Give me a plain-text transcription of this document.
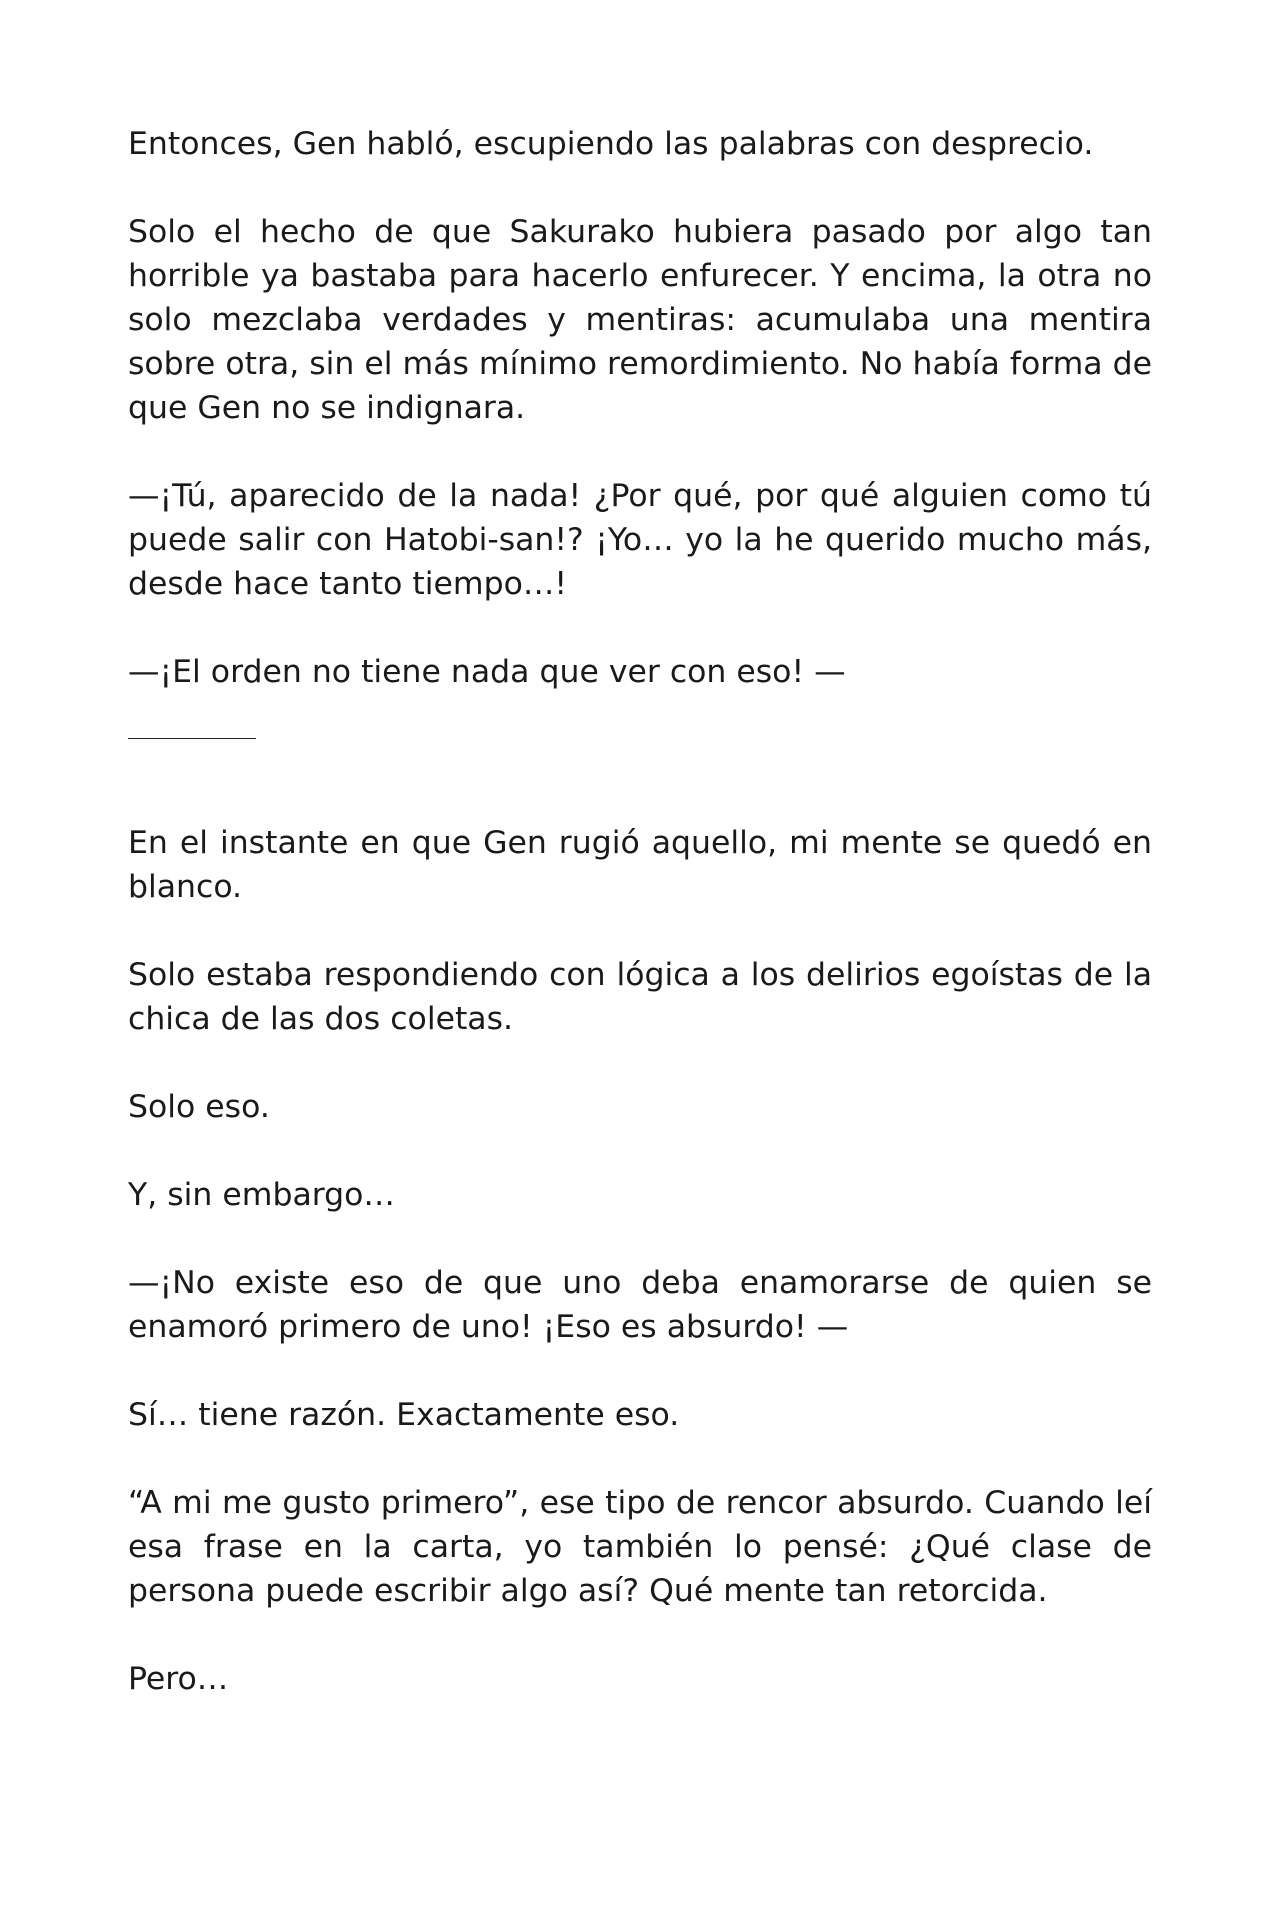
Entonces, Gen habló, escupiendo las palabras con desprecio.

Solo el hecho de que Sakurako hubiera pasado por algo tan horrible ya bastaba para hacerlo enfurecer. Y encima, la otra no solo mezclaba verdades y mentiras: acumulaba una mentira sobre otra, sin el más mínimo remordimiento. No había forma de que Gen no se indignara.

—¡Tú, aparecido de la nada! ¿Por qué, por qué alguien como tú puede salir con Hatobi-san!? ¡Yo… yo la he querido mucho más, desde hace tanto tiempo…!

—¡El orden no tiene nada que ver con eso! —

En el instante en que Gen rugió aquello, mi mente se quedó en blanco.

Solo estaba respondiendo con lógica a los delirios egoístas de la chica de las dos coletas.

Solo eso.

Y, sin embargo…

—¡No existe eso de que uno deba enamorarse de quien se enamoró primero de uno! ¡Eso es absurdo! —

Sí… tiene razón. Exactamente eso.

“A mi me gusto primero”, ese tipo de rencor absurdo. Cuando leí esa frase en la carta, yo también lo pensé: ¿Qué clase de persona puede escribir algo así? Qué mente tan retorcida.

Pero…
